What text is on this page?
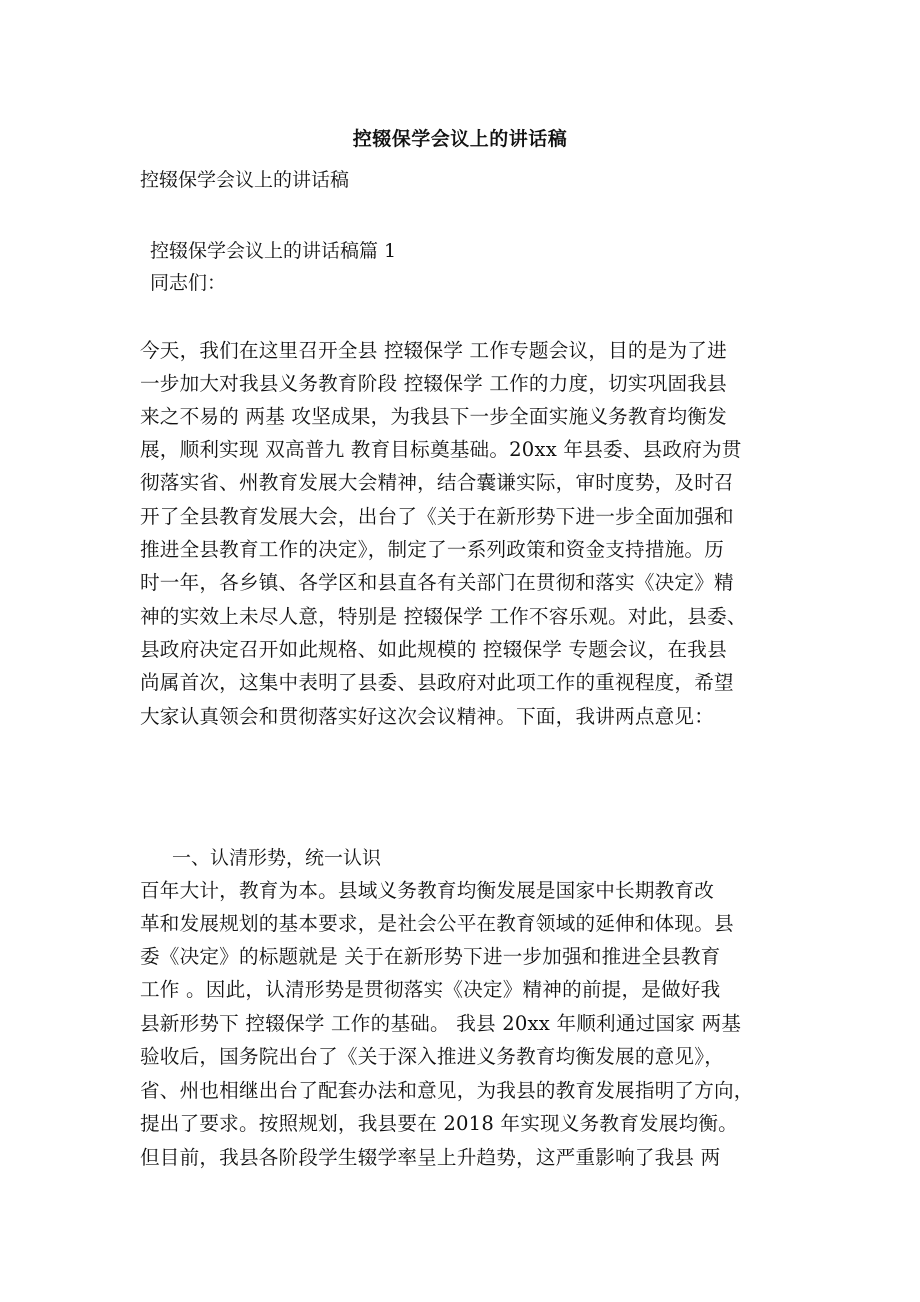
控辍保学会议上的讲话稿
控辍保学会议上的讲话稿
控辍保学会议上的讲话稿篇 1
同志们：
今天，我们在这里召开全县 控辍保学 工作专题会议，目的是为了进
一步加大对我县义务教育阶段 控辍保学 工作的力度，切实巩固我县
来之不易的 两基 攻坚成果，为我县下一步全面实施义务教育均衡发
展，顺利实现 双高普九 教育目标奠基础。20xx 年县委、县政府为贯
彻落实省、州教育发展大会精神，结合囊谦实际，审时度势，及时召
开了全县教育发展大会，出台了《关于在新形势下进一步全面加强和
推进全县教育工作的决定》，制定了一系列政策和资金支持措施。历
时一年，各乡镇、各学区和县直各有关部门在贯彻和落实《决定》精
神的实效上未尽人意，特别是 控辍保学 工作不容乐观。对此，县委、
县政府决定召开如此规格、如此规模的 控辍保学 专题会议，在我县
尚属首次，这集中表明了县委、县政府对此项工作的重视程度，希望
大家认真领会和贯彻落实好这次会议精神。下面，我讲两点意见：
一、认清形势，统一认识
百年大计，教育为本。县域义务教育均衡发展是国家中长期教育改
革和发展规划的基本要求，是社会公平在教育领域的延伸和体现。县
委《决定》的标题就是 关于在新形势下进一步加强和推进全县教育
工作 。因此，认清形势是贯彻落实《决定》精神的前提，是做好我
县新形势下 控辍保学 工作的基础。 我县 20xx 年顺利通过国家 两基
验收后，国务院出台了《关于深入推进义务教育均衡发展的意见》，
省、州也相继出台了配套办法和意见，为我县的教育发展指明了方向，
提出了要求。按照规划，我县要在 2018 年实现义务教育发展均衡。
但目前，我县各阶段学生辍学率呈上升趋势，这严重影响了我县 两
